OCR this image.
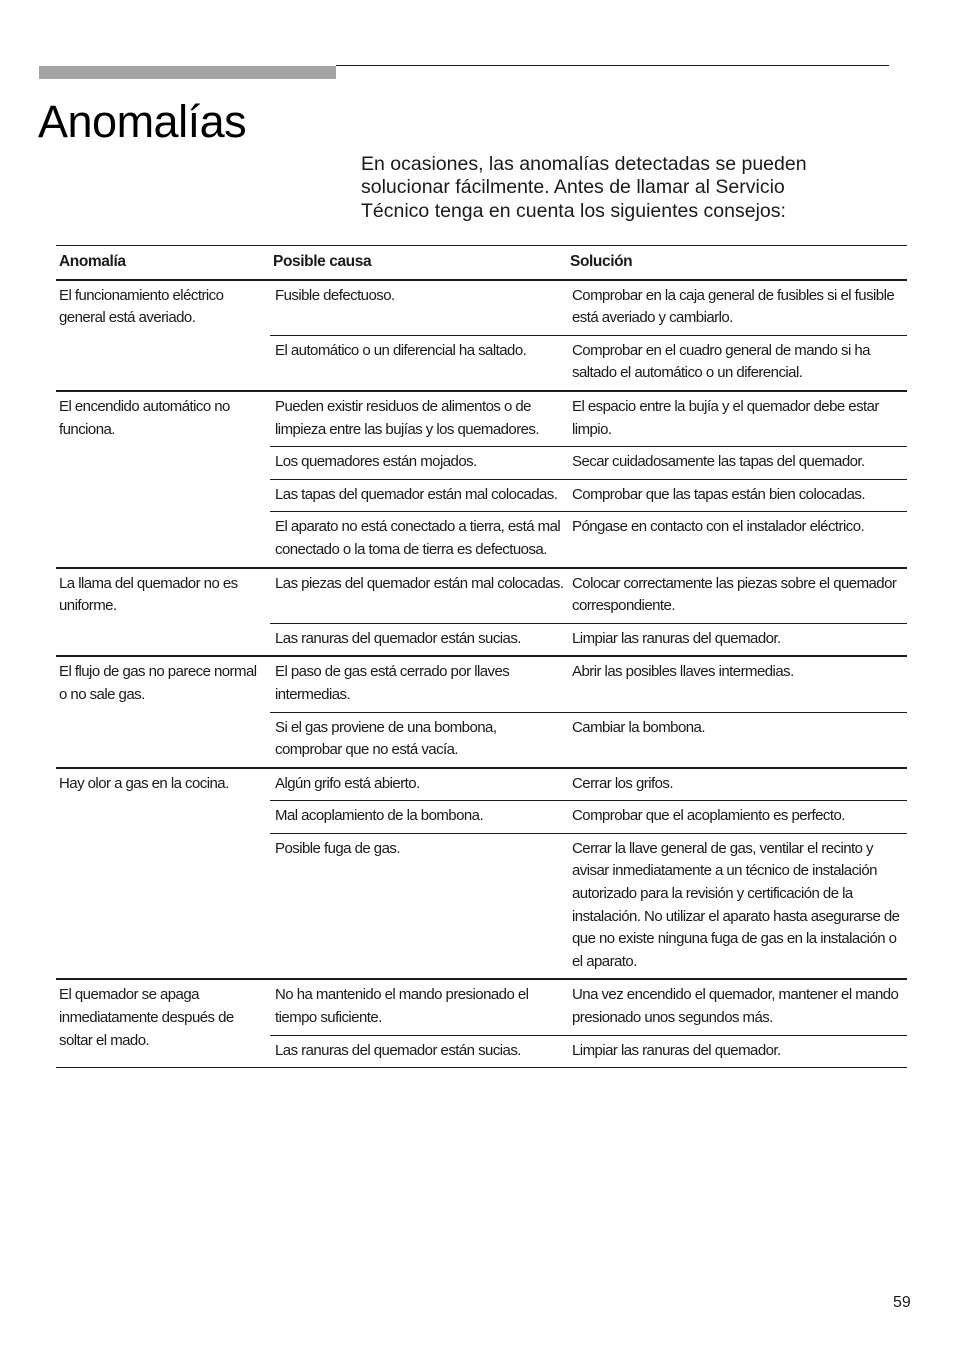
Anomalías
En ocasiones, las anomalías detectadas se pueden
solucionar fácilmente. Antes de llamar al Servicio
Técnico tenga en cuenta los siguientes consejos:
Anomalía	Posible causa	Solución
El funcionamiento eléctrico general está averiado.	Fusible defectuoso.	Comprobar en la caja general de fusibles si el fusible está averiado y cambiarlo.
	El automático o un diferencial ha saltado.	Comprobar en el cuadro general de mando si ha saltado el automático o un diferencial.
El encendido automático no funciona.	Pueden existir residuos de alimentos o de limpieza entre las bujías y los quemadores.	El espacio entre la bujía y el quemador debe estar limpio.
	Los quemadores están mojados.	Secar cuidadosamente las tapas del quemador.
	Las tapas del quemador están mal colocadas.	Comprobar que las tapas están bien colocadas.
	El aparato no está conectado a tierra, está mal conectado o la toma de tierra es defectuosa.	Póngase en contacto con el instalador eléctrico.
La llama del quemador no es uniforme.	Las piezas del quemador están mal colocadas.	Colocar correctamente las piezas sobre el quemador correspondiente.
	Las ranuras del quemador están sucias.	Limpiar las ranuras del quemador.
El flujo de gas no parece normal o no sale gas.	El paso de gas está cerrado por llaves intermedias.	Abrir las posibles llaves intermedias.
	Si el gas proviene de una bombona, comprobar que no está vacía.	Cambiar la bombona.
Hay olor a gas en la cocina.	Algún grifo está abierto.	Cerrar los grifos.
	Mal acoplamiento de la bombona.	Comprobar que el acoplamiento es perfecto.
	Posible fuga de gas.	Cerrar la llave general de gas, ventilar el recinto y avisar inmediatamente a un técnico de instalación autorizado para la revisión y certificación de la instalación. No utilizar el aparato hasta asegurarse de que no existe ninguna fuga de gas en la instalación o el aparato.
El quemador se apaga inmediatamente después de soltar el mado.	No ha mantenido el mando presionado el tiempo suficiente.	Una vez encendido el quemador, mantener el mando presionado unos segundos más.
	Las ranuras del quemador están sucias.	Limpiar las ranuras del quemador.
59
